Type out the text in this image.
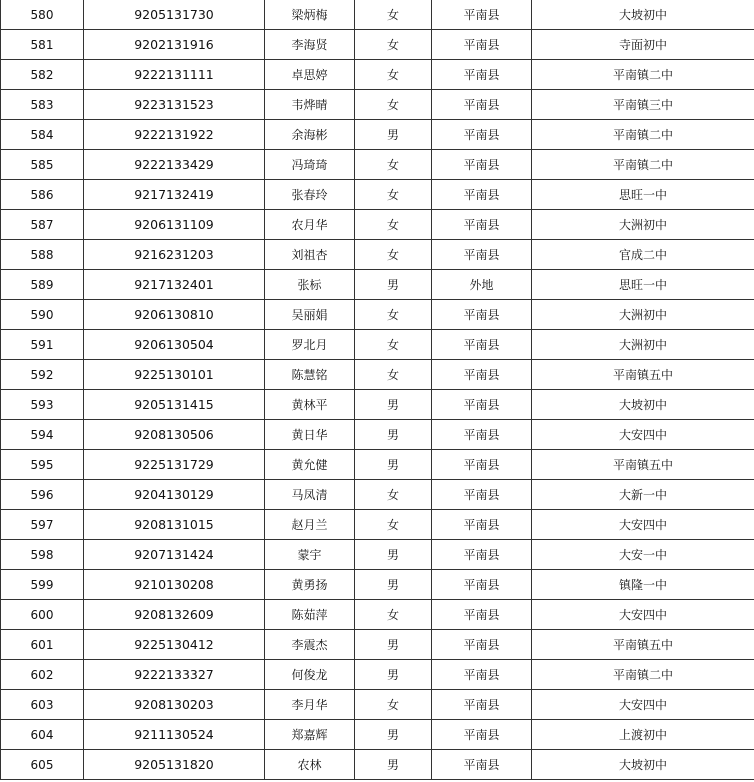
580	9205131730	梁炳梅	女	平南县	大坡初中
581	9202131916	李海贤	女	平南县	寺面初中
582	9222131111	卓思婷	女	平南县	平南镇二中
583	9223131523	韦烨晴	女	平南县	平南镇三中
584	9222131922	余海彬	男	平南县	平南镇二中
585	9222133429	冯琦琦	女	平南县	平南镇二中
586	9217132419	张春玲	女	平南县	思旺一中
587	9206131109	农月华	女	平南县	大洲初中
588	9216231203	刘祖杏	女	平南县	官成二中
589	9217132401	张标	男	外地	思旺一中
590	9206130810	吴丽娟	女	平南县	大洲初中
591	9206130504	罗北月	女	平南县	大洲初中
592	9225130101	陈慧铭	女	平南县	平南镇五中
593	9205131415	黄林平	男	平南县	大坡初中
594	9208130506	黄日华	男	平南县	大安四中
595	9225131729	黄允健	男	平南县	平南镇五中
596	9204130129	马凤清	女	平南县	大新一中
597	9208131015	赵月兰	女	平南县	大安四中
598	9207131424	蒙宇	男	平南县	大安一中
599	9210130208	黄勇扬	男	平南县	镇隆一中
600	9208132609	陈茹萍	女	平南县	大安四中
601	9225130412	李震杰	男	平南县	平南镇五中
602	9222133327	何俊龙	男	平南县	平南镇二中
603	9208130203	李月华	女	平南县	大安四中
604	9211130524	郑嘉辉	男	平南县	上渡初中
605	9205131820	农林	男	平南县	大坡初中
